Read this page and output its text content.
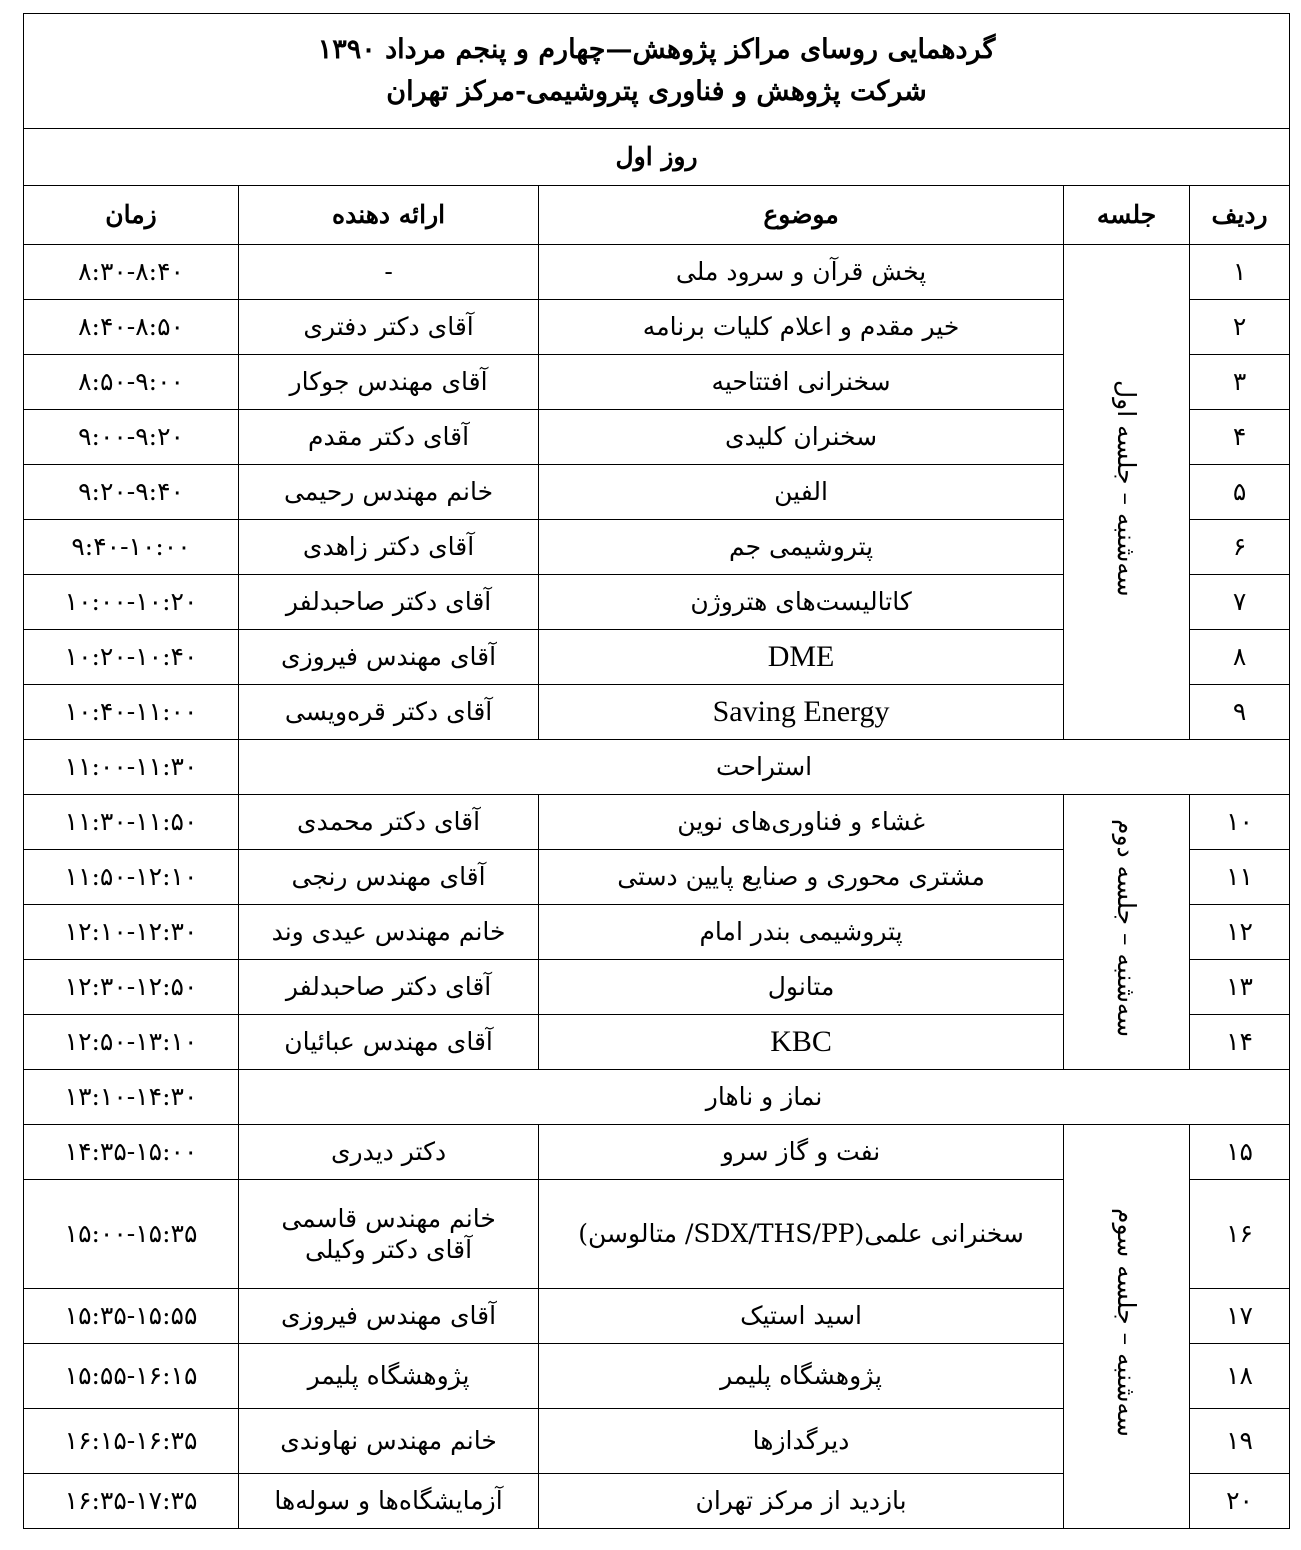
گردهمایی روسای مراکز پژوهش—چهارم و پنجم مرداد ۱۳۹۰
شرکت پژوهش و فناوری پتروشیمی-مرکز تهران				

روز اول				
ردیف	جلسه	موضوع	ارائه دهنده	زمان
۱	سه‌شنبه – جلسه اول	پخش قرآن و سرود ملی	-	۸:۳۰-۸:۴۰
۲		خیر مقدم و اعلام کلیات برنامه	آقای دکتر دفتری	۸:۴۰-۸:۵۰
۳		سخنرانی افتتاحیه	آقای مهندس جوکار	۸:۵۰-۹:۰۰
۴		سخنران کلیدی	آقای دکتر مقدم	۹:۰۰-۹:۲۰
۵		الفین	خانم مهندس رحیمی	۹:۲۰-۹:۴۰
۶		پتروشیمی جم	آقای دکتر زاهدی	۹:۴۰-۱۰:۰۰
۷		کاتالیست‌های هتروژن	آقای دکتر صاحبدلفر	۱۰:۰۰-۱۰:۲۰
۸		DME	آقای مهندس فیروزی	۱۰:۲۰-۱۰:۴۰
۹		Saving Energy	آقای دکتر قره‌ویسی	۱۰:۴۰-۱۱:۰۰
استراحت				۱۱:۰۰-۱۱:۳۰
۱۰	سه‌شنبه – جلسه دوم	غشاء و فناوری‌های نوین	آقای دکتر محمدی	۱۱:۳۰-۱۱:۵۰
۱۱		مشتری محوری و صنایع پایین دستی	آقای مهندس رنجی	۱۱:۵۰-۱۲:۱۰
۱۲		پتروشیمی بندر امام	خانم مهندس عیدی وند	۱۲:۱۰-۱۲:۳۰
۱۳		متانول	آقای دکتر صاحبدلفر	۱۲:۳۰-۱۲:۵۰
۱۴		KBC	آقای مهندس عبائیان	۱۲:۵۰-۱۳:۱۰
نماز و ناهار				۱۳:۱۰-۱۴:۳۰
۱۵	سه‌شنبه – جلسه سوم	نفت و گاز سرو	دکتر دیدری	۱۴:۳۵-۱۵:۰۰
۱۶		سخنرانی علمی(SDX/THS/PP/ متالوسن)	خانم مهندس قاسمی
آقای دکتر وکیلی	۱۵:۰۰-۱۵:۳۵
۱۷		اسید استیک	آقای مهندس فیروزی	۱۵:۳۵-۱۵:۵۵
۱۸		پژوهشگاه پلیمر	پژوهشگاه پلیمر	۱۵:۵۵-۱۶:۱۵
۱۹		دیرگدازها	خانم مهندس نهاوندی	۱۶:۱۵-۱۶:۳۵
۲۰		بازدید از مرکز تهران	آزمایشگاه‌ها و سوله‌ها	۱۶:۳۵-۱۷:۳۵
